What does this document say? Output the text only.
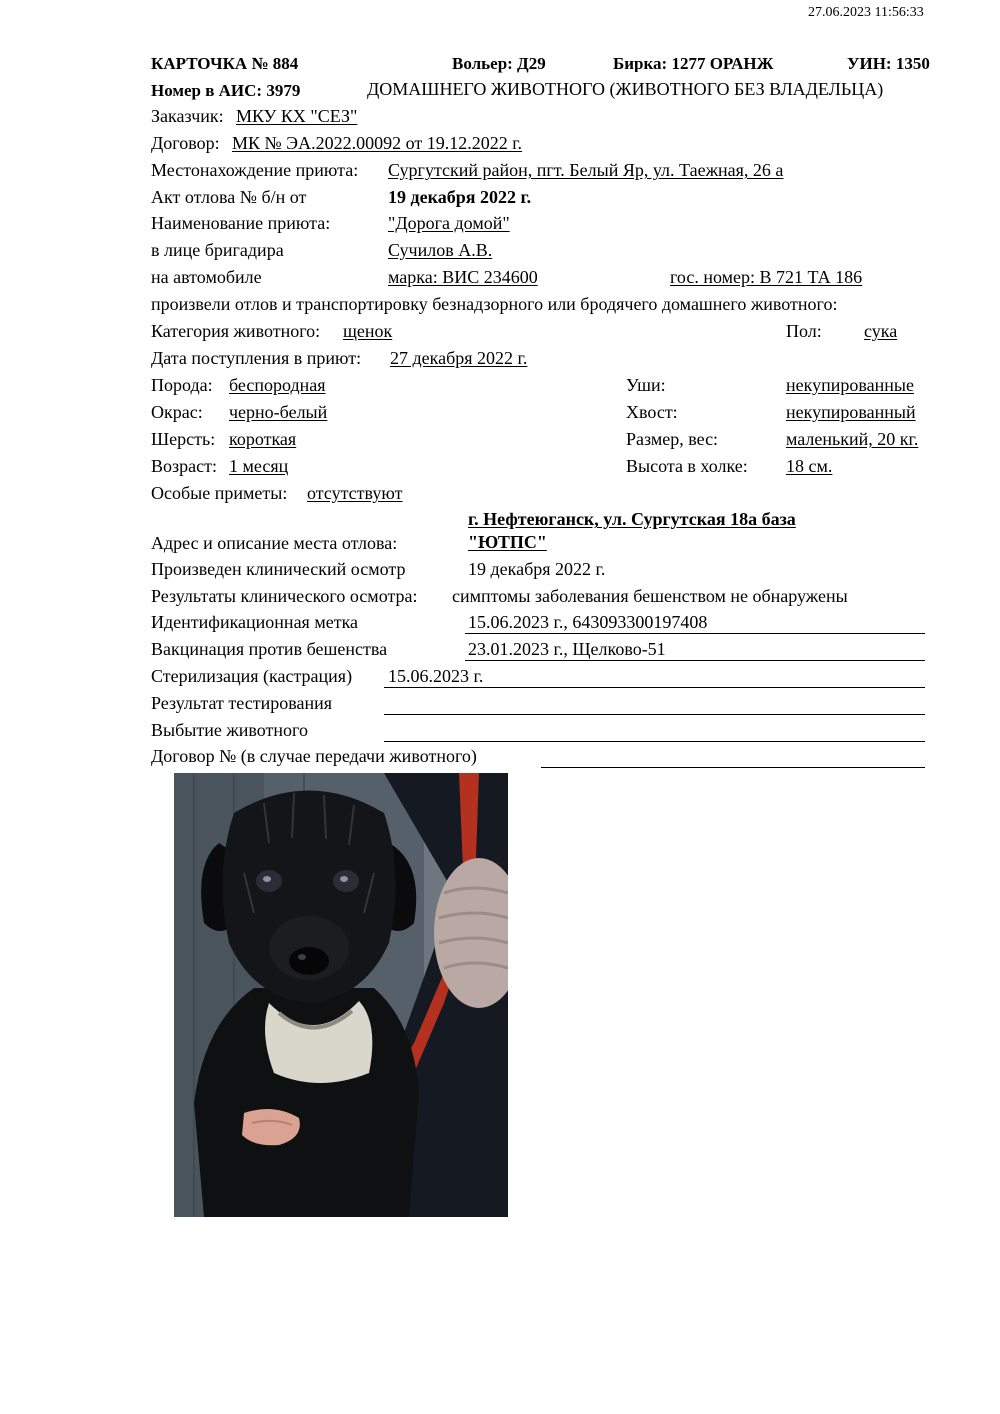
27.06.2023 11:56:33
КАРТОЧКА № 884	Вольер: Д29	Бирка: 1277 ОРАНЖ	УИН: 1350
Номер в АИС: 3979	ДОМАШНЕГО ЖИВОТНОГО (ЖИВОТНОГО БЕЗ ВЛАДЕЛЬЦА)
Заказчик: МКУ КХ "СЕЗ"
Договор: МК № ЭА.2022.00092 от 19.12.2022 г.
Местонахождение приюта: Сургутский район, пгт. Белый Яр, ул. Таежная, 26 а
Акт отлова № б/н от	19 декабря 2022 г.
Наименование приюта:	"Дорога домой"
в лице бригадира	Сучилов А.В.
на автомобиле	марка: ВИС 234600	гос. номер: В 721 ТА 186
произвели отлов и транспортировку безнадзорного или бродячего домашнего животного:
Категория животного: щенок	Пол: сука
Дата поступления в приют: 27 декабря 2022 г.
Порода: беспородная	Уши:	некупированные
Окрас: черно-белый	Хвост:	некупированный
Шерсть: короткая	Размер, вес:	маленький, 20 кг.
Возраст: 1 месяц	Высота в холке: 18 см.
Особые приметы: отсутствуют
г. Нефтеюганск, ул. Сургутская 18а база
Адрес и описание места отлова:	"ЮТПС"
Произведен клинический осмотр	19 декабря 2022 г.
Результаты клинического осмотра: симптомы заболевания бешенством не обнаружены
Идентификационная метка	15.06.2023 г., 643093300197408
Вакцинация против бешенства	23.01.2023 г., Щелково-51
Стерилизация (кастрация) 15.06.2023 г.
Результат тестирования
Выбытие животного
Договор № (в случае передачи животного)
